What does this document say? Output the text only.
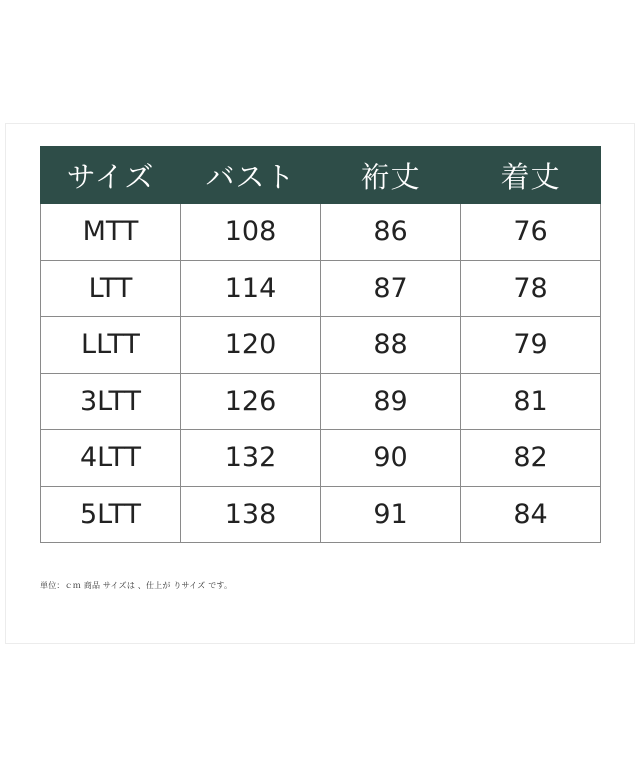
サイズ	バスト	裄丈	着丈
MTT	108	86	76
LTT	114	87	78
LLTT	120	88	79
3LTT	126	89	81
4LTT	132	90	82
5LTT	138	91	84
単位：ｃｍ 商品 サイズは 、仕上が りサイズ です。
